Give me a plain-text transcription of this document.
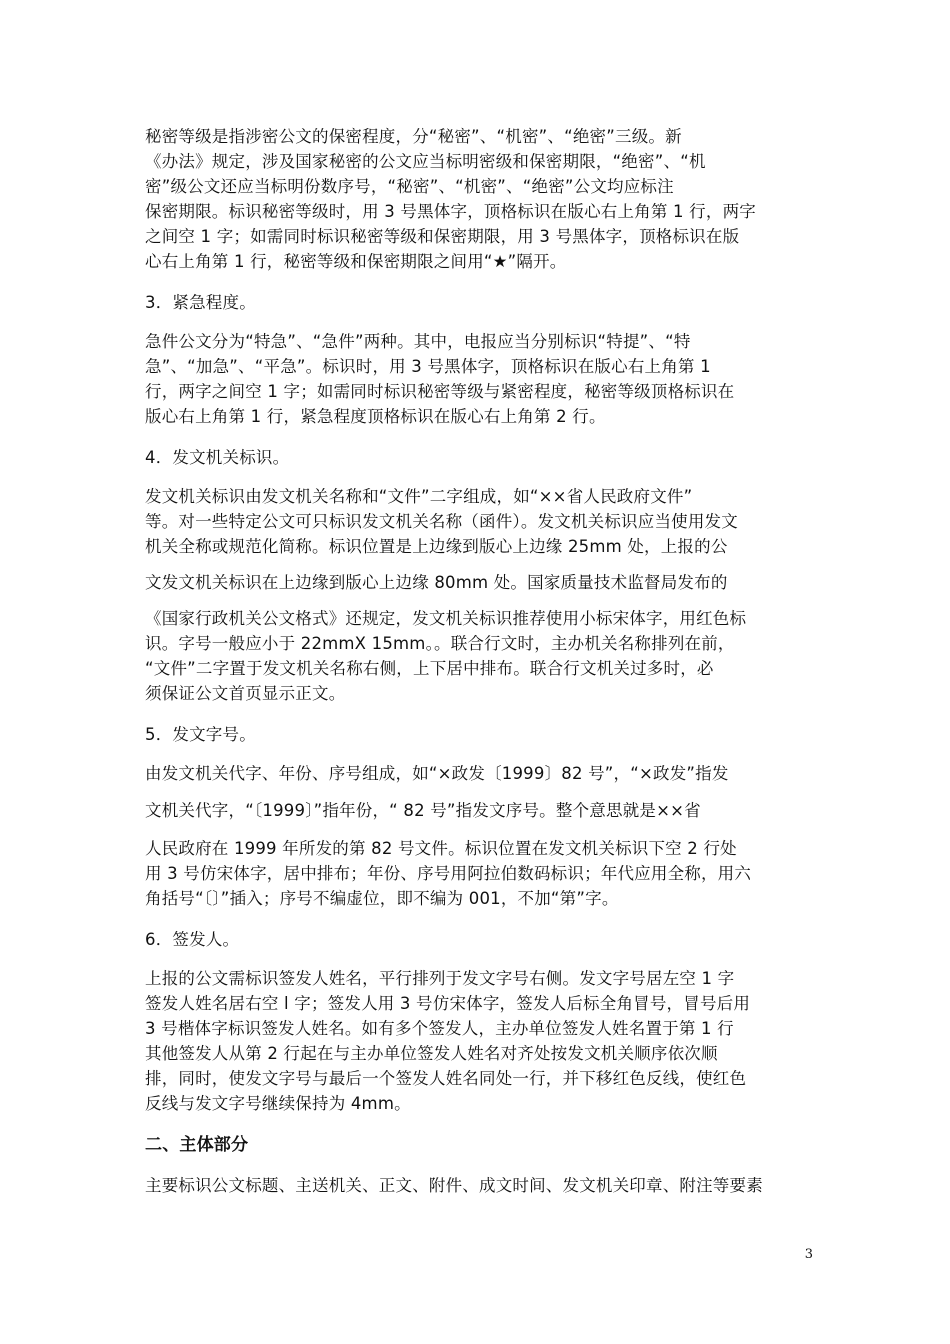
秘密等级是指涉密公文的保密程度，分“秘密”、“机密”、“绝密”三级。新
《办法》规定，涉及国家秘密的公文应当标明密级和保密期限，“绝密”、“机
密”级公文还应当标明份数序号，“秘密”、“机密”、“绝密”公文均应标注
保密期限。标识秘密等级时，用 3 号黑体字，顶格标识在版心右上角第 1 行，两字
之间空 1 字；如需同时标识秘密等级和保密期限，用 3 号黑体字，顶格标识在版
心右上角第 1 行，秘密等级和保密期限之间用“★”隔开。
3．紧急程度。
急件公文分为“特急”、“急件”两种。其中，电报应当分别标识“特提”、“特
急”、“加急”、“平急”。标识时，用 3 号黑体字，顶格标识在版心右上角第 1
行，两字之间空 1 字；如需同时标识秘密等级与紧密程度，秘密等级顶格标识在
版心右上角第 1 行，紧急程度顶格标识在版心右上角第 2 行。
4．发文机关标识。
发文机关标识由发文机关名称和“文件”二字组成，如“××省人民政府文件”
等。对一些特定公文可只标识发文机关名称（函件）。发文机关标识应当使用发文
机关全称或规范化简称。标识位置是上边缘到版心上边缘 25mm 处，上报的公
文发文机关标识在上边缘到版心上边缘 80mm 处。国家质量技术监督局发布的
《国家行政机关公文格式》还规定，发文机关标识推荐使用小标宋体字，用红色标
识。字号一般应小于 22mmX 15mm。。联合行文时，主办机关名称排列在前，
“文件”二字置于发文机关名称右侧，上下居中排布。联合行文机关过多时，必
须保证公文首页显示正文。
5．发文字号。
由发文机关代字、年份、序号组成，如“×政发〔1999〕82 号”，“×政发”指发
文机关代字，“〔1999〕”指年份，“ 82 号”指发文序号。整个意思就是××省
人民政府在 1999 年所发的第 82 号文件。标识位置在发文机关标识下空 2 行处
用 3 号仿宋体字，居中排布；年份、序号用阿拉伯数码标识；年代应用全称，用六
角括号“〔〕”插入；序号不编虚位，即不编为 001，不加“第”字。
6．签发人。
上报的公文需标识签发人姓名，平行排列于发文字号右侧。发文字号居左空 1 字
签发人姓名居右空 l 字；签发人用 3 号仿宋体字，签发人后标全角冒号，冒号后用
3 号楷体字标识签发人姓名。如有多个签发人，主办单位签发人姓名置于第 1 行
其他签发人从第 2 行起在与主办单位签发人姓名对齐处按发文机关顺序依次顺
排，同时，使发文字号与最后一个签发人姓名同处一行，并下移红色反线，使红色
反线与发文字号继续保持为 4mm。
二、主体部分
主要标识公文标题、主送机关、正文、附件、成文时间、发文机关印章、附注等要素
3
